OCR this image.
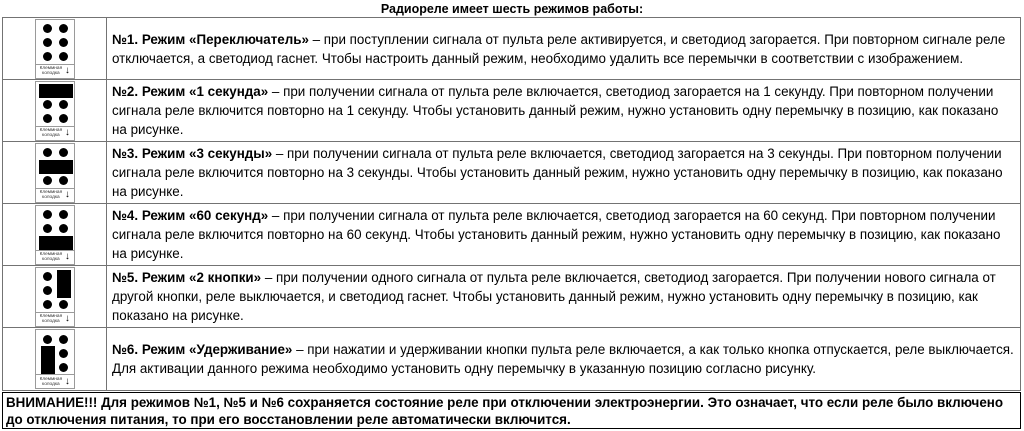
Радиореле имеет шесть режимов работы:
Клеммная
колодка ↓

№1. Режим «Переключатель» – при поступлении сигнала от пульта реле активируется, и светодиод загорается. При повторном сигнале реле отключается, а светодиод гаснет. Чтобы настроить данный режим, необходимо удалить все перемычки в соответствии с изображением.

Клеммная
колодка ↓

№2. Режим «1 секунда» – при получении сигнала от пульта реле включается, светодиод загорается на 1 секунду. При повторном получении сигнала реле включится повторно на 1 секунду. Чтобы установить данный режим, нужно установить одну перемычку в позицию, как показано на рисунке.

Клеммная
колодка ↓

№3. Режим «3 секунды» – при получении сигнала от пульта реле включается, светодиод загорается на 3 секунды. При повторном получении сигнала реле включится повторно на 3 секунды. Чтобы установить данный режим, нужно установить одну перемычку в позицию, как показано на рисунке.

Клеммная
колодка ↓

№4. Режим «60 секунд» – при получении сигнала от пульта реле включается, светодиод загорается на 60 секунд. При повторном получении сигнала реле включится повторно на 60 секунд. Чтобы установить данный режим, нужно установить одну перемычку в позицию, как показано на рисунке.

Клеммная
колодка ↓

№5. Режим «2 кнопки» – при получении одного сигнала от пульта реле включается, светодиод загорается. При получении нового сигнала от другой кнопки, реле выключается, и светодиод гаснет. Чтобы установить данный режим, нужно установить одну перемычку в позицию, как показано на рисунке.

Клеммная
колодка ↓

№6. Режим «Удерживание» – при нажатии и удерживании кнопки пульта реле включается, а как только кнопка отпускается, реле выключается. Для активации данного режима необходимо установить одну перемычку в указанную позицию согласно рисунку.

ВНИМАНИЕ!!! Для режимов №1, №5 и №6 сохраняется состояние реле при отключении электроэнергии. Это означает, что если реле было включено до отключения питания, то при его восстановлении реле автоматически включится.
